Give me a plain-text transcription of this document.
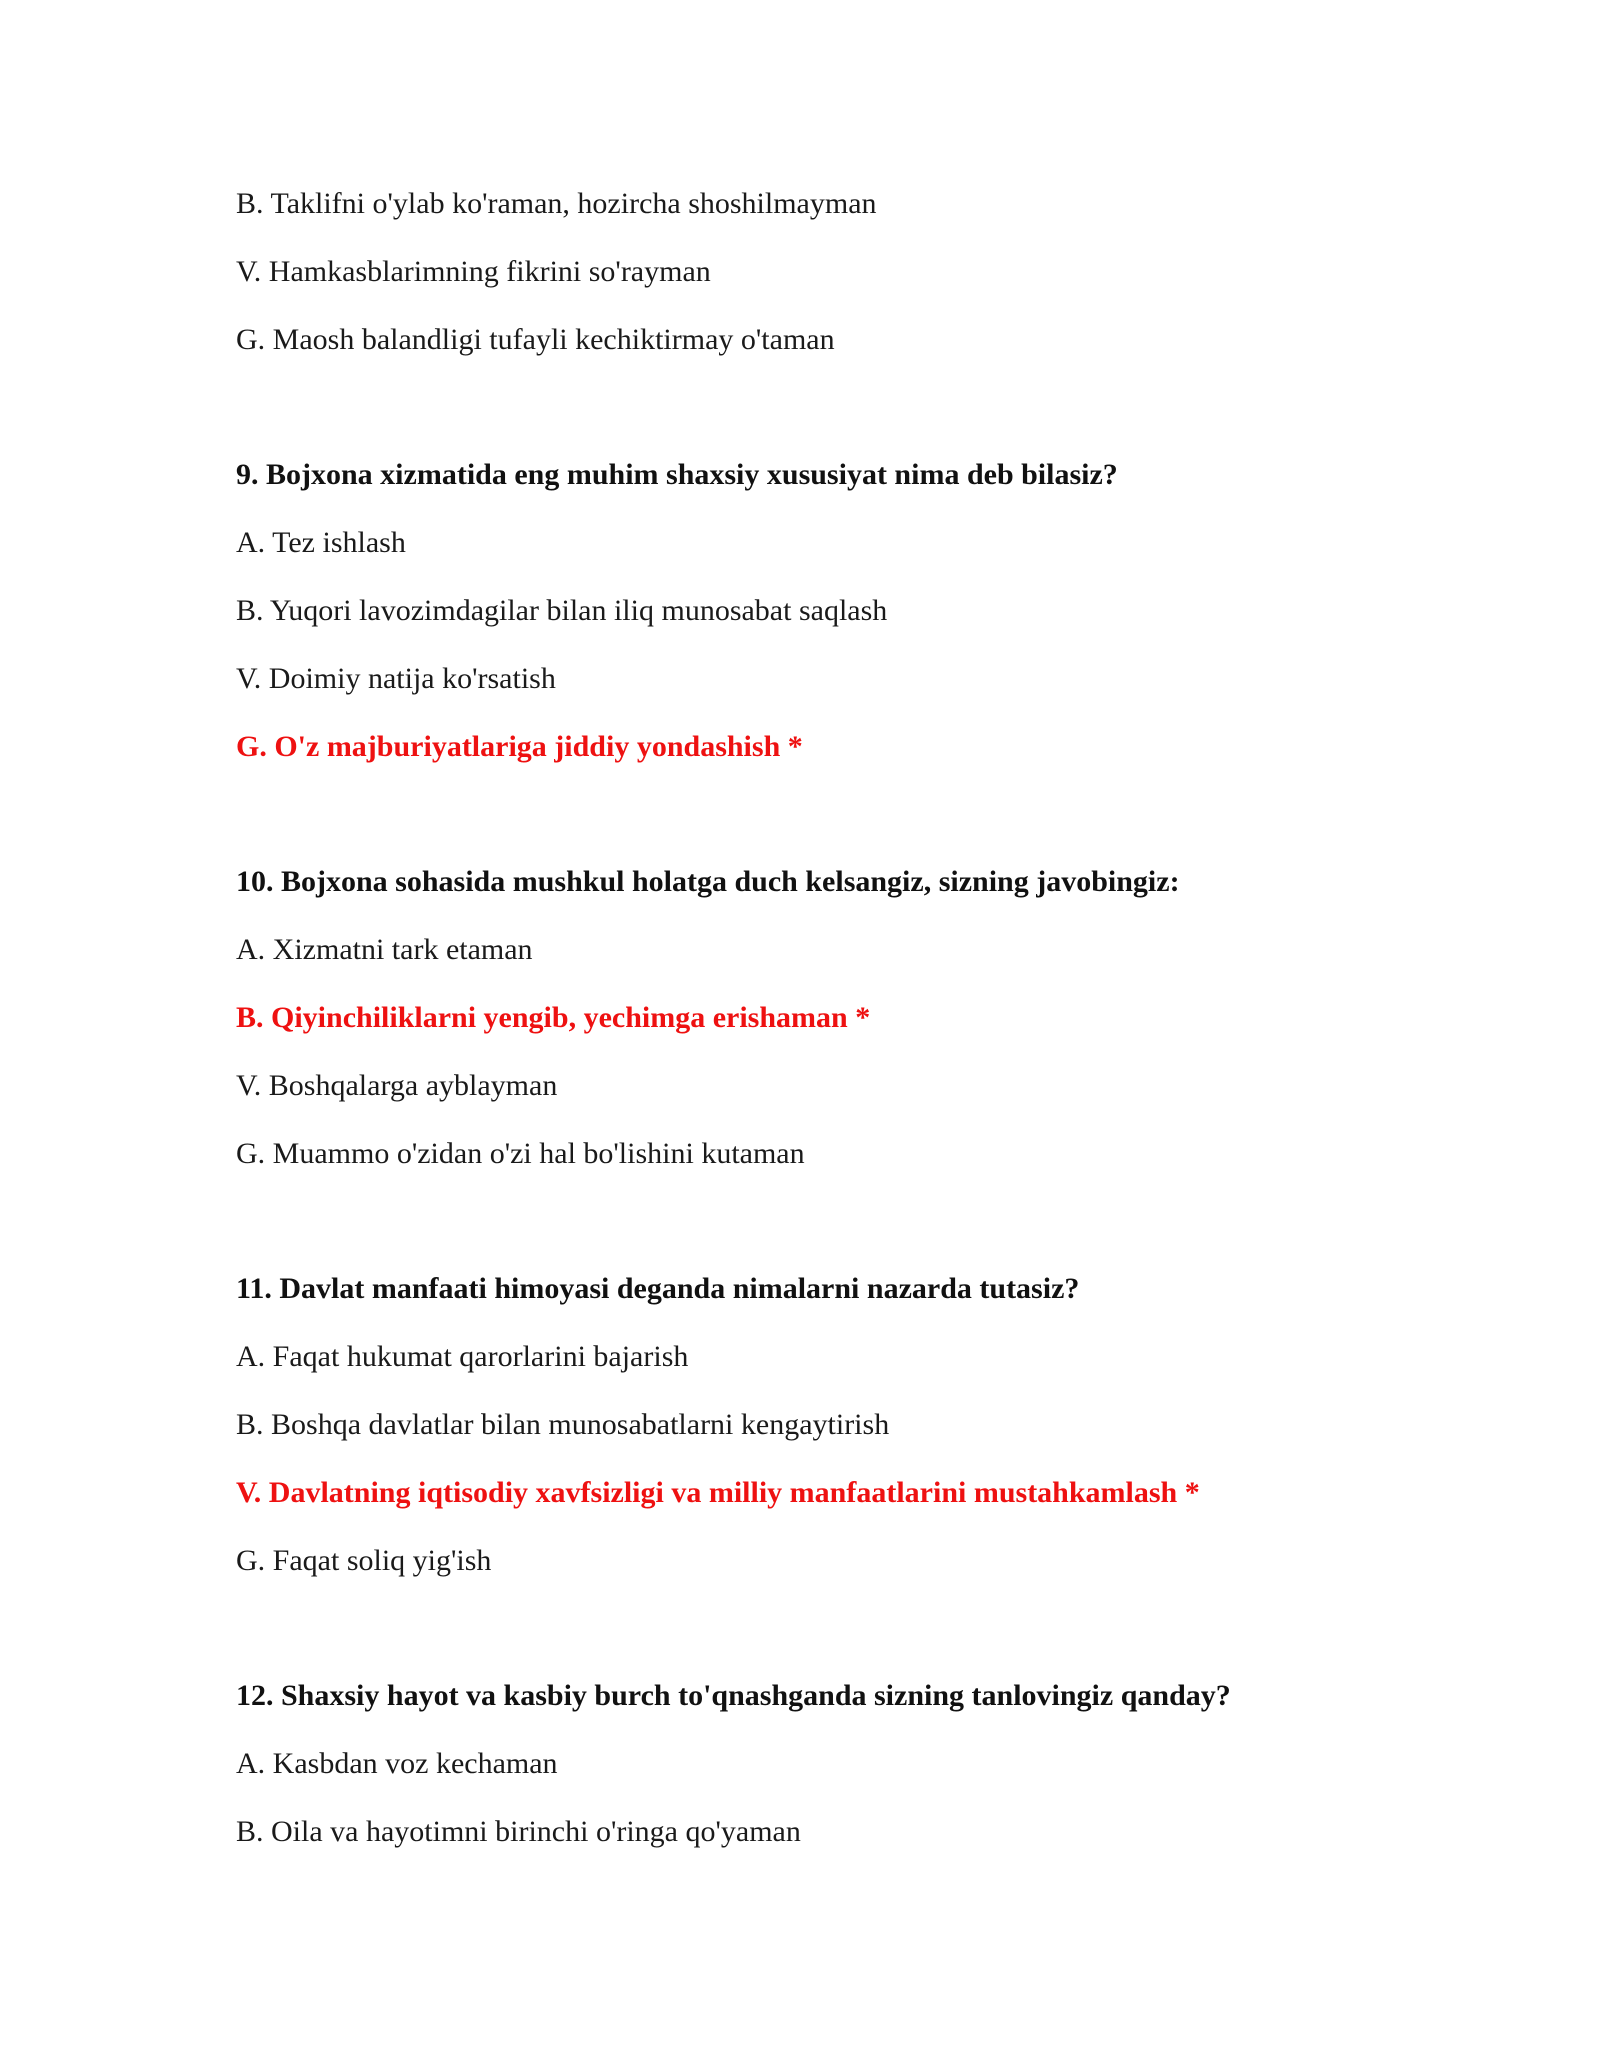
B. Taklifni o'ylab ko'raman, hozircha shoshilmayman
V. Hamkasblarimning fikrini so'rayman
G. Maosh balandligi tufayli kechiktirmay o'taman
9. Bojxona xizmatida eng muhim shaxsiy xususiyat nima deb bilasiz?
A. Tez ishlash
B. Yuqori lavozimdagilar bilan iliq munosabat saqlash
V. Doimiy natija ko'rsatish
G. O'z majburiyatlariga jiddiy yondashish *
10. Bojxona sohasida mushkul holatga duch kelsangiz, sizning javobingiz:
A. Xizmatni tark etaman
B. Qiyinchiliklarni yengib, yechimga erishaman *
V. Boshqalarga ayblayman
G. Muammo o'zidan o'zi hal bo'lishini kutaman
11. Davlat manfaati himoyasi deganda nimalarni nazarda tutasiz?
A. Faqat hukumat qarorlarini bajarish
B. Boshqa davlatlar bilan munosabatlarni kengaytirish
V. Davlatning iqtisodiy xavfsizligi va milliy manfaatlarini mustahkamlash *
G. Faqat soliq yig'ish
12. Shaxsiy hayot va kasbiy burch to'qnashganda sizning tanlovingiz qanday?
A. Kasbdan voz kechaman
B. Oila va hayotimni birinchi o'ringa qo'yaman
